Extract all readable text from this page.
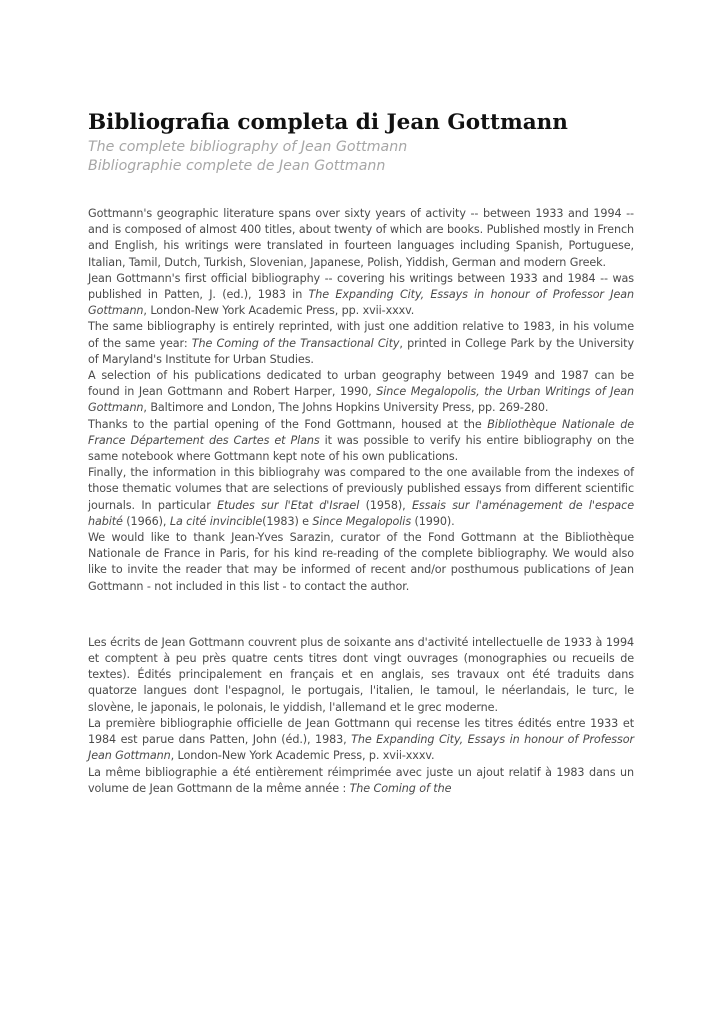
Bibliografia completa di Jean Gottmann

The complete bibliography of Jean Gottmann

Bibliographie complete de Jean Gottmann

Gottmann's geographic literature spans over sixty years of activity -- between 1933 and 1994 -- and is composed of almost 400 titles, about twenty of which are books. Published mostly in French and English, his writings were translated in fourteen languages including Spanish, Portuguese, Italian, Tamil, Dutch, Turkish, Slovenian, Japanese, Polish, Yiddish, German and modern Greek.

Jean Gottmann's first official bibliography -- covering his writings between 1933 and 1984 -- was published in Patten, J. (ed.), 1983 in The Expanding City, Essays in honour of Professor Jean Gottmann, London-New York Academic Press, pp. xvii-xxxv.

The same bibliography is entirely reprinted, with just one addition relative to 1983, in his volume of the same year: The Coming of the Transactional City, printed in College Park by the University of Maryland's Institute for Urban Studies.

A selection of his publications dedicated to urban geography between 1949 and 1987 can be found in Jean Gottmann and Robert Harper, 1990, Since Megalopolis, the Urban Writings of Jean Gottmann, Baltimore and London, The Johns Hopkins University Press, pp. 269-280.

Thanks to the partial opening of the Fond Gottmann, housed at the Bibliothèque Nationale de France Département des Cartes et Plans it was possible to verify his entire bibliography on the same notebook where Gottmann kept note of his own publications.

Finally, the information in this bibliograhy was compared to the one available from the indexes of those thematic volumes that are selections of previously published essays from different scientific journals. In particular Etudes sur l'Etat d'Israel (1958), Essais sur l'aménagement de l'espace habité (1966), La cité invincible(1983) e Since Megalopolis (1990).

We would like to thank Jean-Yves Sarazin, curator of the Fond Gottmann at the Bibliothèque Nationale de France in Paris, for his kind re-reading of the complete bibliography. We would also like to invite the reader that may be informed of recent and/or posthumous publications of Jean Gottmann - not included in this list - to contact the author.

Les écrits de Jean Gottmann couvrent plus de soixante ans d'activité intellectuelle de 1933 à 1994 et comptent à peu près quatre cents titres dont vingt ouvrages (monographies ou recueils de textes). Édités principalement en français et en anglais, ses travaux ont été traduits dans quatorze langues dont l'espagnol, le portugais, l'italien, le tamoul, le néerlandais, le turc, le slovène, le japonais, le polonais, le yiddish, l'allemand et le grec moderne.

La première bibliographie officielle de Jean Gottmann qui recense les titres édités entre 1933 et 1984 est parue dans Patten, John (éd.), 1983, The Expanding City, Essays in honour of Professor Jean Gottmann, London-New York Academic Press, p. xvii-xxxv.

La même bibliographie a été entièrement réimprimée avec juste un ajout relatif à 1983 dans un volume de Jean Gottmann de la même année : The Coming of the
